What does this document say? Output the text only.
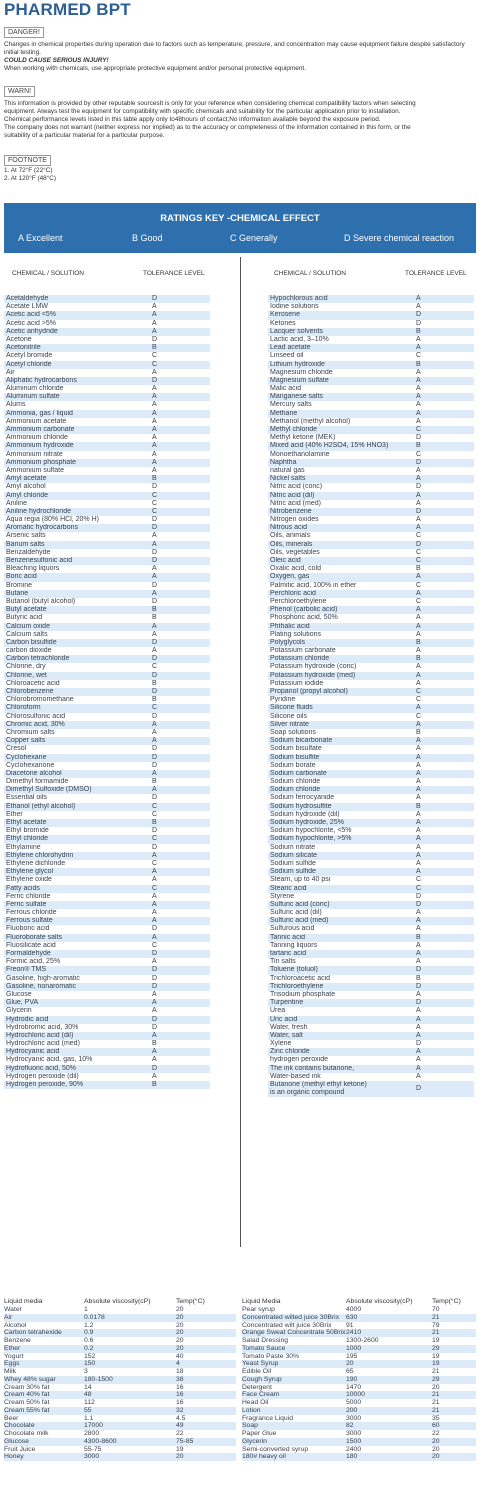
PHARMED BPT
DANGER!
Changes in chemical properties during operation due to factors such as temperature, pressure, and concentration may cause equipment failure despite satisfactory initial testing.
COULD CAUSE SERIOUS INJURY!
When working with chemicals, use appropriate protective equipment and/or personal protective equipment.
WARN!
This information is provided by other reputable sourcesIt is only for your reference when considering chemical compatibility factors when selecting
equipment. Always test the equipment for compatibility with specific chemicals and suitability for the particular application prior to installation.
Chemical performance levels listed in this table apply only to48hours of contact;No information available beyond the exposure period.
The company does not warrant (neither express nor implied) as to the accuracy or completeness of the information contained in this form, or the
suitability of a particular material for a particular purpose.
FOOTNOTE
1. At 72°F (22°C)
2. At 120°F (48°C)
RATINGS KEY -CHEMICAL EFFECT
A Excellent	B Good	C Generally	D Severe chemical reaction
CHEMICAL / SOLUTION	TOLERANCE LEVEL	CHEMICAL / SOLUTION	TOLERANCE LEVEL
Acetaldehyde	D
Acetate LMW	A
Acetic acid <5%	A
Acetic acid >5%	A
Acetic anhydride	A
Acetone	D
Acetonitrile	B
Acetyl bromide	C
Acetyl chloride	C
Air	A
Aliphatic hydrocarbons	D
Aluminum chloride	A
Aluminum sulfate	A
Alums	A
Ammonia, gas / liquid	A
Ammonium acetate	A
Ammonium carbonate	A
Ammonium chloride	A
Ammonium hydroxide	A
Ammonium nitrate	A
Ammonium phosphate	A
Ammonium sulfate	A
Amyl acetate	B
Amyl alcohol	D
Amyl chloride	C
Aniline	C
Aniline hydrochloride	C
Aqua regia (80% HCl, 20% H)	D
Aromatic hydrocarbons	D
Arsenic salts	A
Barium salts	A
Benzaldehyde	D
Benzenesulfonic acid	D
Bleaching liquors	A
Boric acid	A
Bromine	D
Butane	A
Butanol (butyl alcohol)	D
Butyl acetate	B
Butyric acid	B
Calcium oxide	A
Calcium salts	A
Carbon bisulfide	D
carbon dioxide	A
Carbon tetrachloride	D
Chlorine, dry	C
Chlorine, wet	D
Chloroacetic acid	B
Chlorobenzene	D
Chlorobromomethane	B
Chloroform	C
Chlorosulfonic acid	D
Chromic acid, 30%	A
Chromium salts	A
Copper salts	A
Cresol	D
Cyclohexane	D
Cyclohexanone	D
Diacetone alcohol	A
Dimethyl formamide	B
Dimethyl Sulfoxide (DMSO)	A
Essential oils	D
Ethanol (ethyl alcohol)	C
Ether	C
Ethyl acetate	B
Ethyl bromide	D
Ethyl chloride	C
Ethylamine	D
Ethylene chlorohydrin	A
Ethylene dichloride	C
Ethylene glycol	A
Ethylene oxide	A
Fatty acids	C
Ferric chloride	A
Ferric sulfate	A
Ferrous chloride	A
Ferrous sulfate	A
Fluoboric acid	D
Fluoroborate salts	A
Fluosilicate acid	C
Formaldehyde	D
Formic acid, 25%	A
Freon® TMS	D
Gasoline, high-aromatic	D
Gasoline, nonaromatic	D
Glucose	A
Glue, PVA	A
Glycerin	A
Hydrodic acid	D
Hydrobromic acid, 30%	D
Hydrochloric acid (dil)	A
Hydrochloric acid (med)	B
Hydrocyanic acid	A
Hydrocyanic acid, gas, 10%	A
Hydrofluoric acid, 50%	D
Hydrogen peroxide (dil)	A
Hydrogen peroxide, 90%	B
Hypochlorous acid	A
Iodine solutions	A
Kerosene	D
Ketones	D
Lacquer solvents	B
Lactic acid, 3–10%	A
Lead acetate	A
Linseed oil	C
Lithium hydroxide	B
Magnesium chloride	A
Magnesium sulfate	A
Malic acid	A
Manganese salts	A
Mercury salts	A
Methane	A
Methanol (methyl alcohol)	A
Methyl chloride	C
Methyl ketone (MEK)	D
Mixed acid (40% H2SO4, 15% HNO3)	B
Monoethanolamine	C
Naphtha	D
natural gas	A
Nickel salts	A
Nitric acid (conc)	D
Nitric acid (dil)	A
Nitric acid (med)	A
Nitrobenzene	D
Nitrogen oxides	A
Nitrous acid	A
Oils, animals	C
Oils, minerals	D
Oils, vegetables	C
Oleic acid	C
Oxalic acid, cold	B
Oxygen, gas	A
Palmitic acid, 100% in ether	C
Perchloric acid	A
Perchloroethylene	C
Phenol (carbolic acid)	A
Phosphoric acid, 50%	A
Phthalic acid	A
Plating solutions	A
Polyglycols	B
Potassium carbonate	A
Potassium chloride	B
Potassium hydroxide (conc)	A
Potassium hydroxide (med)	A
Potassium iodide	A
Propanol (propyl alcohol)	C
Pyridine	C
Silicone fluids	A
Silicone oils	C
Silver nitrate	A
Soap solutions	B
Sodium bicarbonate	A
Sodium bisulfate	A
Sodium bisulfite	A
Sodium borate	A
Sodium carbonate	A
Sodium chloride	A
Sodium chloride	A
Sodium ferrocyanide	A
Sodium hydrosulfite	B
Sodium hydroxide (dil)	A
Sodium hydroxide, 25%	A
Sodium hypochlorite, <5%	A
Sodium hypochlorite, >5%	A
Sodium nitrate	A
Sodium silicate	A
Sodium sulfide	A
Sodium sulfide	A
Steam, up to 40 psi	C
Stearic acid	C
Styrene	D
Sulfuric acid (conc)	D
Sulfuric acid (dil)	A
Sulfuric acid (med)	A
Sulfurous acid	A
Tannic acid	B
Tanning liquors	A
tartaric acid	A
Tin salts	A
Toluene (toluol)	D
Trichloroacetic acid	B
Trichloroethylene	D
Trisodium phosphate	A
Turpentine	D
Urea	A
Uric acid	A
Water, fresh	A
Water, salt	A
Xylene	D
Zinc chloride	A
hydrogen peroxide	A
The ink contains butanone,	A
Water-based ink	A
Butanone (methyl ethyl ketone)
is an organic compound
D
Liquid media	Absolute viscosity(cP)	Temp(°C)
Water	1	20
Air	0.0178	20
Alcohol	1.2	20
Carbon tetrahexide	0.9	20
Benzene	0.6	20
Ether	0.2	20
Yogurt	152	40
Eggs	150	4
Milk	3	18
Whey 48% sugar	180-1500	38
Cream 30% fat	14	16
Cream 40% fat	48	16
Cream 50% fat	112	16
Cream 55% fat	55	32
Beer	1.1	4.5
Chocolate	17000	49
Chocolate milk	2800	22
Glucose	4300-8600	75-85
Fruit Juice	55-75	19
Honey	3000	20
Liquid Media	Absolute viscosity(cP)	Temp(°C)
Pear syrup	4000	70
Concentrated wilted juice 30Brix	630	21
Concentrated wilt juice 30Brix	91	79
Orange Sweat Concentrate 50Brix 2410	21
Salad Dressing	1300-2600	19
Tomato Sauce	1000	29
Tomato Paste 30%	195	19
Yeast Syrup	20	19
Edible Oil	65	21
Cough Syrup	190	29
Detergent	1470	20
Face Cream	10000	21
Head Oil	5000	21
Lotion	200	21
Fragrance Liquid	3000	35
Soap	82	60
Paper Glue	3000	22
Glycerin	1500	20
Semi-converted syrup	2400	20
180# heavy oil	180	20
